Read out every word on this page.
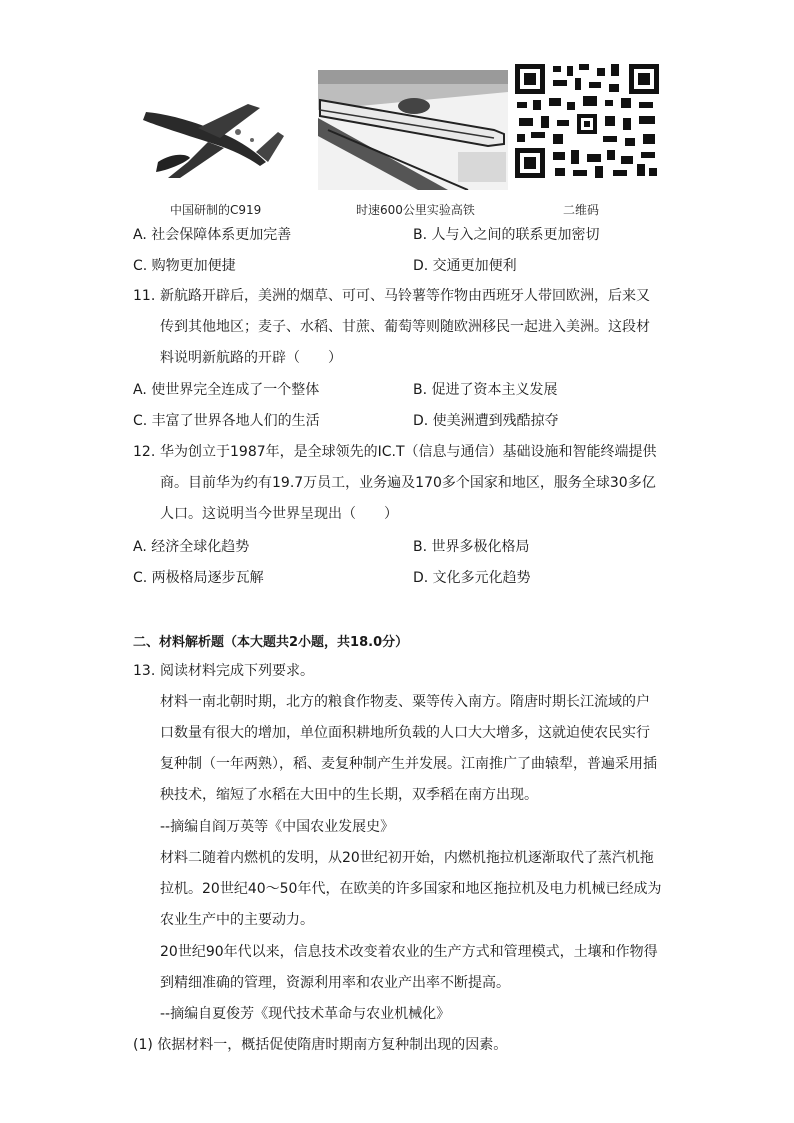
中国研制的C919	时速600公里实验高铁	二维码
A. 社会保障体系更加完善	B. 人与入之间的联系更加密切
C. 购物更加便捷	D. 交通更加便利
11. 新航路开辟后，美洲的烟草、可可、马铃薯等作物由西班牙人带回欧洲，后来又传到其他地区；麦子、水稻、甘蔗、葡萄等则随欧洲移民一起进入美洲。这段材料说明新航路的开辟（　　）
A. 使世界完全连成了一个整体	B. 促进了资本主义发展
C. 丰富了世界各地人们的生活	D. 使美洲遭到残酷掠夺
12. 华为创立于1987年，是全球领先的IC.T（信息与通信）基础设施和智能终端提供商。目前华为约有19.7万员工，业务遍及170多个国家和地区，服务全球30多亿人口。这说明当今世界呈现出（　　）
A. 经济全球化趋势	B. 世界多极化格局
C. 两极格局逐步瓦解	D. 文化多元化趋势
二、材料解析题（本大题共2小题，共18.0分）
13. 阅读材料完成下列要求。
材料一南北朝时期，北方的粮食作物麦、粟等传入南方。隋唐时期长江流域的户口数量有很大的增加，单位面积耕地所负载的人口大大增多，这就迫使农民实行复种制（一年两熟），稻、麦复种制产生并发展。江南推广了曲辕犁，普遍采用插秧技术，缩短了水稻在大田中的生长期，双季稻在南方出现。
--摘编自阎万英等《中国农业发展史》
材料二随着内燃机的发明，从20世纪初开始，内燃机拖拉机逐渐取代了蒸汽机拖拉机。20世纪40～50年代，在欧美的许多国家和地区拖拉机及电力机械已经成为农业生产中的主要动力。
20世纪90年代以来，信息技术改变着农业的生产方式和管理模式，土壤和作物得到精细准确的管理，资源利用率和农业产出率不断提高。
--摘编自夏俊芳《现代技术革命与农业机械化》
(1) 依据材料一，概括促使隋唐时期南方复种制出现的因素。
